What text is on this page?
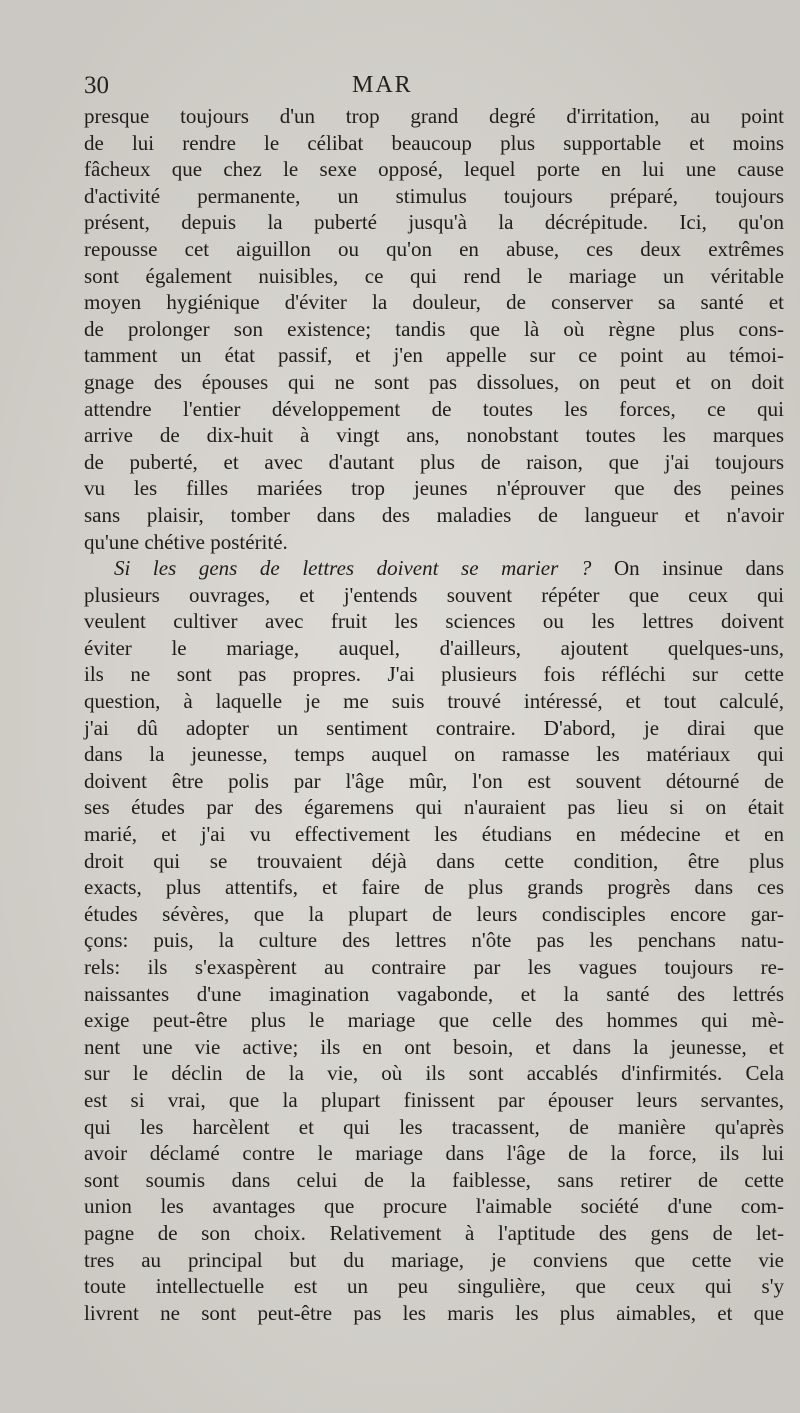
30	MAR

presque toujours d'un trop grand degré d'irritation, au point

de lui rendre le célibat beaucoup plus supportable et moins

fâcheux que chez le sexe opposé, lequel porte en lui une cause

d'activité permanente, un stimulus toujours préparé, toujours

présent, depuis la puberté jusqu'à la décrépitude. Ici, qu'on

repousse cet aiguillon ou qu'on en abuse, ces deux extrêmes

sont également nuisibles, ce qui rend le mariage un véritable

moyen hygiénique d'éviter la douleur, de conserver sa santé et

de prolonger son existence; tandis que là où règne plus cons-

tamment un état passif, et j'en appelle sur ce point au témoi-

gnage des épouses qui ne sont pas dissolues, on peut et on doit

attendre l'entier développement de toutes les forces, ce qui

arrive de dix-huit à vingt ans, nonobstant toutes les marques

de puberté, et avec d'autant plus de raison, que j'ai toujours

vu les filles mariées trop jeunes n'éprouver que des peines

sans plaisir, tomber dans des maladies de langueur et n'avoir

qu'une chétive postérité.

Si les gens de lettres doivent se marier ? On insinue dans

plusieurs ouvrages, et j'entends souvent répéter que ceux qui

veulent cultiver avec fruit les sciences ou les lettres doivent

éviter le mariage, auquel, d'ailleurs, ajoutent quelques-uns,

ils ne sont pas propres. J'ai plusieurs fois réfléchi sur cette

question, à laquelle je me suis trouvé intéressé, et tout calculé,

j'ai dû adopter un sentiment contraire. D'abord, je dirai que

dans la jeunesse, temps auquel on ramasse les matériaux qui

doivent être polis par l'âge mûr, l'on est souvent détourné de

ses études par des égaremens qui n'auraient pas lieu si on était

marié, et j'ai vu effectivement les étudians en médecine et en

droit qui se trouvaient déjà dans cette condition, être plus

exacts, plus attentifs, et faire de plus grands progrès dans ces

études sévères, que la plupart de leurs condisciples encore gar-

çons: puis, la culture des lettres n'ôte pas les penchans natu-

rels: ils s'exaspèrent au contraire par les vagues toujours re-

naissantes d'une imagination vagabonde, et la santé des lettrés

exige peut-être plus le mariage que celle des hommes qui mè-

nent une vie active; ils en ont besoin, et dans la jeunesse, et

sur le déclin de la vie, où ils sont accablés d'infirmités. Cela

est si vrai, que la plupart finissent par épouser leurs servantes,

qui les harcèlent et qui les tracassent, de manière qu'après

avoir déclamé contre le mariage dans l'âge de la force, ils lui

sont soumis dans celui de la faiblesse, sans retirer de cette

union les avantages que procure l'aimable société d'une com-

pagne de son choix. Relativement à l'aptitude des gens de let-

tres au principal but du mariage, je conviens que cette vie

toute intellectuelle est un peu singulière, que ceux qui s'y

livrent ne sont peut-être pas les maris les plus aimables, et que
